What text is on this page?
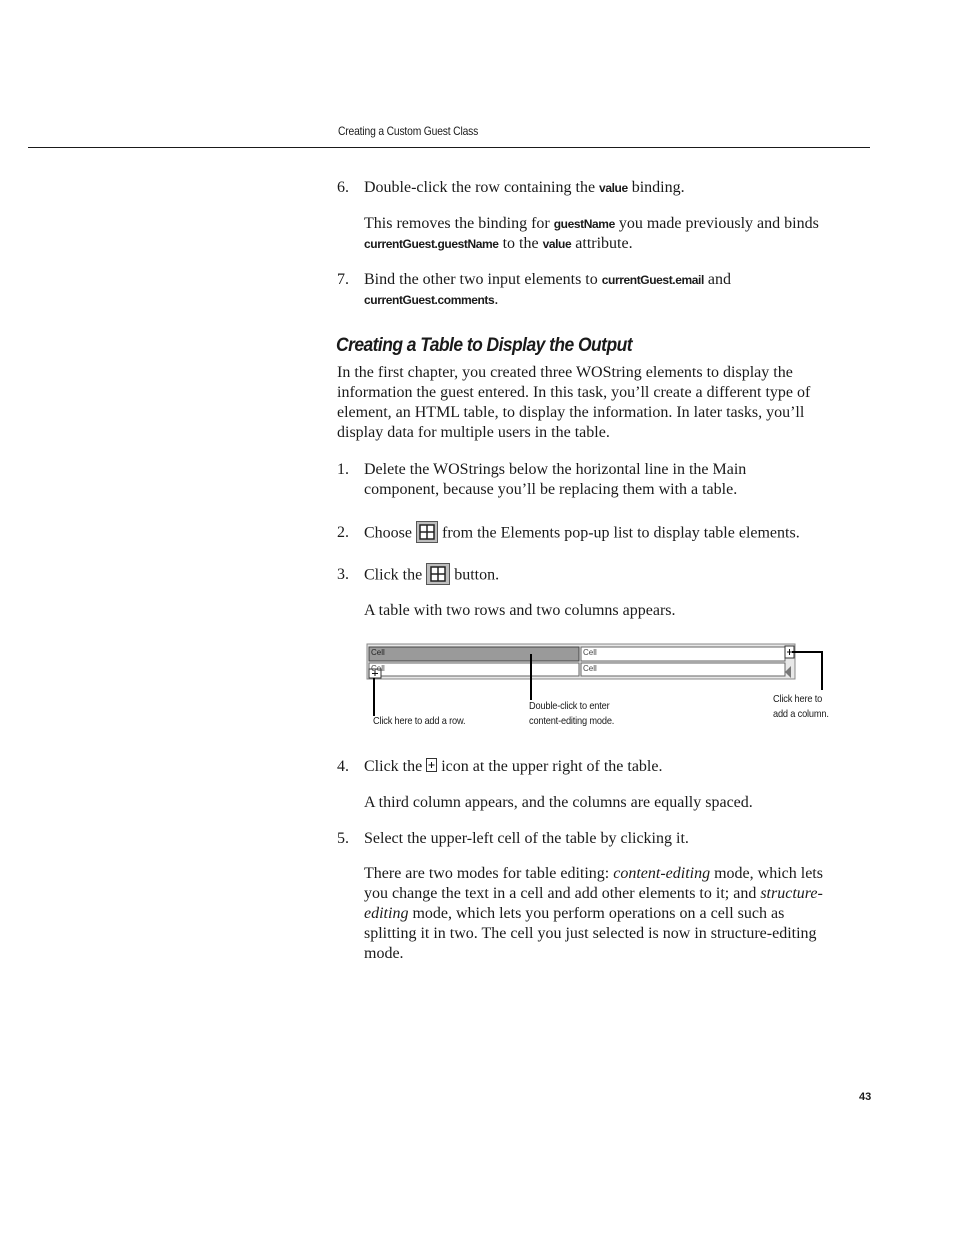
Creating a Custom Guest Class
6. Double-click the row containing the value binding.

This removes the binding for guestName you made previously and binds
currentGuest.guestName to the value attribute.

7. Bind the other two input elements to currentGuest.email and
currentGuest.comments.

Creating a Table to Display the Output

In the first chapter, you created three WOString elements to display the
information the guest entered. In this task, you’ll create a different type of
element, an HTML table, to display the information. In later tasks, you’ll
display data for multiple users in the table.

1. Delete the WOStrings below the horizontal line in the Main
component, because you’ll be replacing them with a table.

2. Choose from the Elements pop-up list to display table elements.

3. Click the button.

A table with two rows and two columns appears.

Cell	Cell
Cell	Cell
Click here to add a row.
Double-click to enter
content-editing mode.
Click here to
add a column.
4. Click the icon at the upper right of the table.

A third column appears, and the columns are equally spaced.

5. Select the upper-left cell of the table by clicking it.

There are two modes for table editing: content-editing mode, which lets
you change the text in a cell and add other elements to it; and structure-
editing mode, which lets you perform operations on a cell such as
splitting it in two. The cell you just selected is now in structure-editing
mode.

43
